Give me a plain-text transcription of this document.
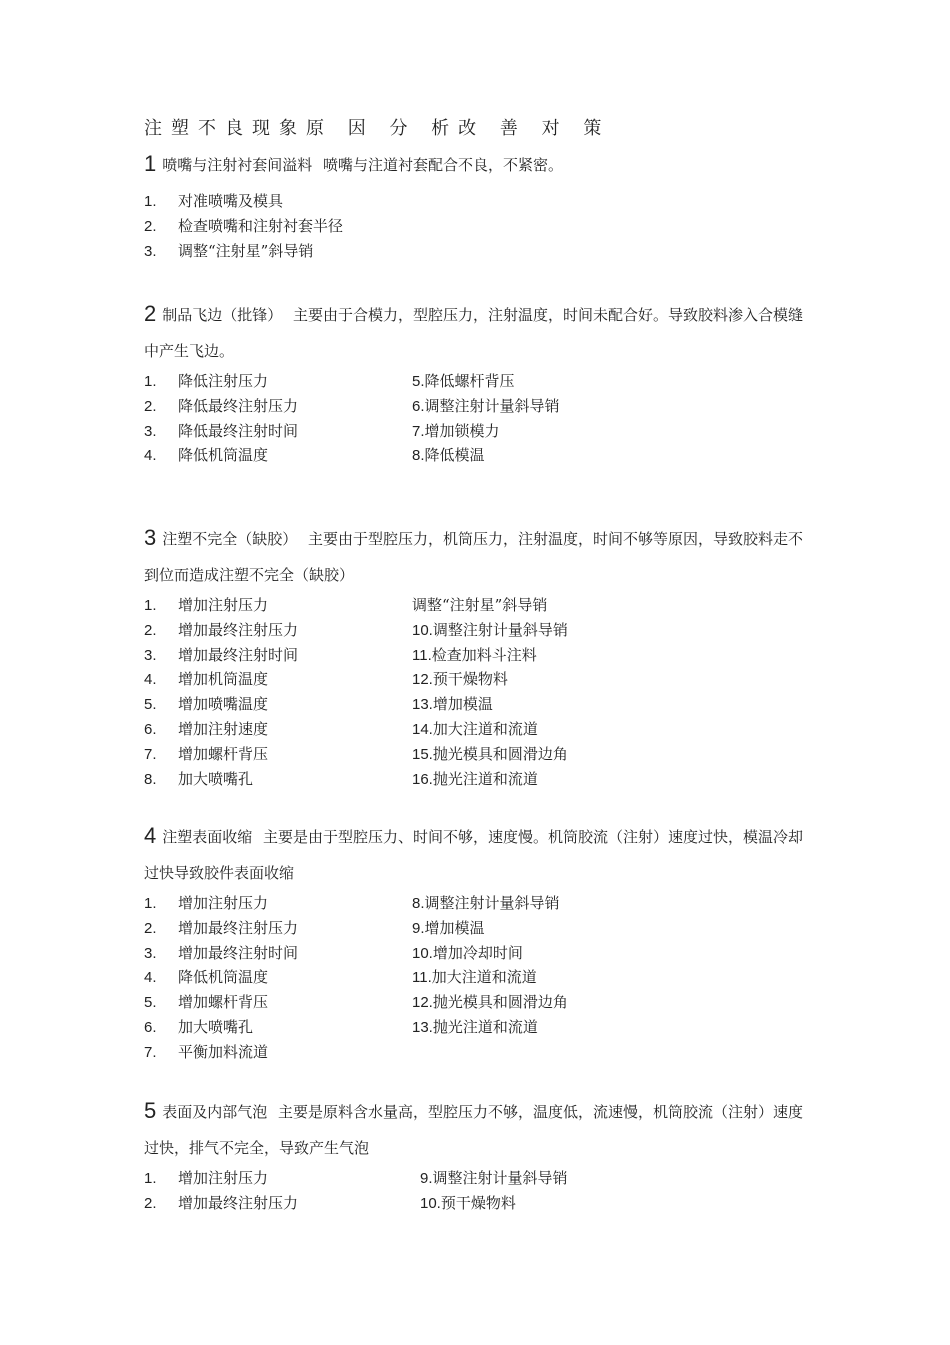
注塑不良现象原 因 分 析改 善 对 策
1 喷嘴与注射衬套间溢料 喷嘴与注道衬套配合不良，不紧密。
1. 对准喷嘴及模具
2. 检查喷嘴和注射衬套半径
3. 调整“注射星”斜导销
2 制品飞边（批锋） 主要由于合模力，型腔压力，注射温度，时间未配合好。导致胶料渗入合模缝中产生飞边。
1. 降低注射压力	5.降低螺杆背压
2. 降低最终注射压力	6.调整注射计量斜导销
3. 降低最终注射时间	7.增加锁模力
4. 降低机筒温度	8.降低模温
3 注塑不完全（缺胶） 主要由于型腔压力，机筒压力，注射温度，时间不够等原因，导致胶料走不到位而造成注塑不完全（缺胶）
1. 增加注射压力	调整“注射星”斜导销
2. 增加最终注射压力	10.调整注射计量斜导销
3. 增加最终注射时间	11.检查加料斗注料
4. 增加机筒温度	12.预干燥物料
5. 增加喷嘴温度	13.增加模温
6. 增加注射速度	14.加大注道和流道
7. 增加螺杆背压	15.抛光模具和圆滑边角
8. 加大喷嘴孔	16.抛光注道和流道
4 注塑表面收缩 主要是由于型腔压力、时间不够，速度慢。机筒胶流（注射）速度过快，模温冷却过快导致胶件表面收缩
1. 增加注射压力	8.调整注射计量斜导销
2. 增加最终注射压力	9.增加模温
3. 增加最终注射时间	10.增加冷却时间
4. 降低机筒温度	11.加大注道和流道
5. 增加螺杆背压	12.抛光模具和圆滑边角
6. 加大喷嘴孔	13.抛光注道和流道
7. 平衡加料流道
5 表面及内部气泡 主要是原料含水量高，型腔压力不够，温度低，流速慢，机筒胶流（注射）速度过快，排气不完全，导致产生气泡
1. 增加注射压力	9.调整注射计量斜导销
2. 增加最终注射压力	10.预干燥物料
